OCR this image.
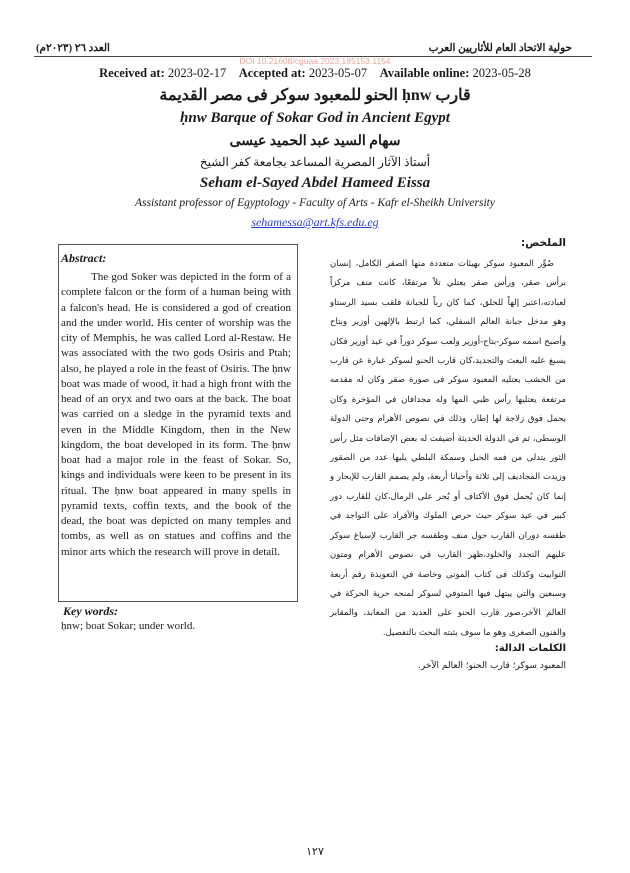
حولية الاتحاد العام للأثاريين العرب
العدد ٢٦ (٢٠٢٣م)
DOI 10.21608/cguaa.2023.185153.1154
Received at: 2023-02-17 Accepted at: 2023-05-07 Available online: 2023-05-28
قارب ḥnw الحنو للمعبود سوكر فى مصر القديمة
ḥnw Barque of Sokar God in Ancient Egypt
سهام السيد عبد الحميد عيسى
أستاذ الآثار المصرية المساعد بجامعة كفر الشيخ
Seham el-Sayed Abdel Hameed Eissa
Assistant professor of Egyptology - Faculty of Arts - Kafr el-Sheikh University
sehamessa@art.kfs.edu.eg
Abstract:

The god Soker was depicted in the form of a complete falcon or the form of a human being with a falcon's head. He is considered a god of creation and the under world. His center of worship was the city of Memphis, he was called Lord al-Restaw. He was associated with the two gods Osiris and Ptah; also, he played a role in the feast of Osiris. The ḥnw boat was made of wood, it had a high front with the head of an oryx and two oars at the back. The boat was carried on a sledge in the pyramid texts and even in the Middle Kingdom, then in the New kingdom, the boat developed in its form. The ḥnw boat had a major role in the feast of Sokar. So, kings and individuals were keen to be present in its ritual. The ḥnw boat appeared in many spells in pyramid texts, coffin texts, and the book of the dead, the boat was depicted on many temples and tombs, as well as on statues and coffins and the minor arts which the research will prove in detail.

Key words:
ḥnw; boat Sokar; under world.
الملخص:

صُوِّر المعبود سوكر بهيئات متعددة منها الصقر الكامل، إنسان برأس صقر، ورأس صقر يعتلي تلاً مرتفعًا، كانت منف مركزاً لعبادته،اعتبر إلهاً للخلق، كما كان رباً للجبانة فلقب بسيد الرستاو وهو مدخل جبانة العالم السفلي، كما ارتبط بالإلهين أوزير وبتاح وأصبح اسمه سوكر-بتاح-أوزير ولعب سوكر دوراً في عيد أوزير فكان يسبغ عليه البعث والتجديد،كان قارب الحنو لسوكر عبارة عن قارب من الخشب يعتليه المعبود سوكر فى صورة صقر وكان له مقدمه مرتفعة يعتليها رأس ظبي المها وله مجدافان في المؤخرة وكان يحمل فوق زلاجة لها إطار، وذلك في نصوص الأهرام وحتى الدولة الوسطى، ثم في الدولة الحديثة أضيفت له بعض الإضافات مثل رأس الثور يتدلى من فمه الحبل وسمكة البلطي يليها عدد من الصقور وزيدت المجاديف إلى ثلاثة وأحيانا أربعة، ولم يصمم القارب للإبحار و إنما كان يُحمل فوق الأكتاف أو يُجر على الرمال،كان للقارب دور كبير في عيد سوكر حيث حرص الملوك والأفراد على التواجد في طقسه دوران القارب حول منف وطقسه جر القارب لإسباغ سوكر عليهم التجدد والخلود،ظهر القارب في نصوص الأهرام ومتون التوابيت وكذلك فى كتاب الموتى وخاصة في التعويذة رقم أربعة وسبعين والتي يبتهل فيها المتوفي لسوكر لمنحه حرية الحركة في العالم الآخر،صور قارب الحنو على العديد من المعابد، والمقابر والفنون الصغرى وهو ما سوف يثبته البحث بالتفصيل.

الكلمات الدالة:
المعبود سوكر؛ قارب الحنو؛ العالم الآخر.
١٢٧
